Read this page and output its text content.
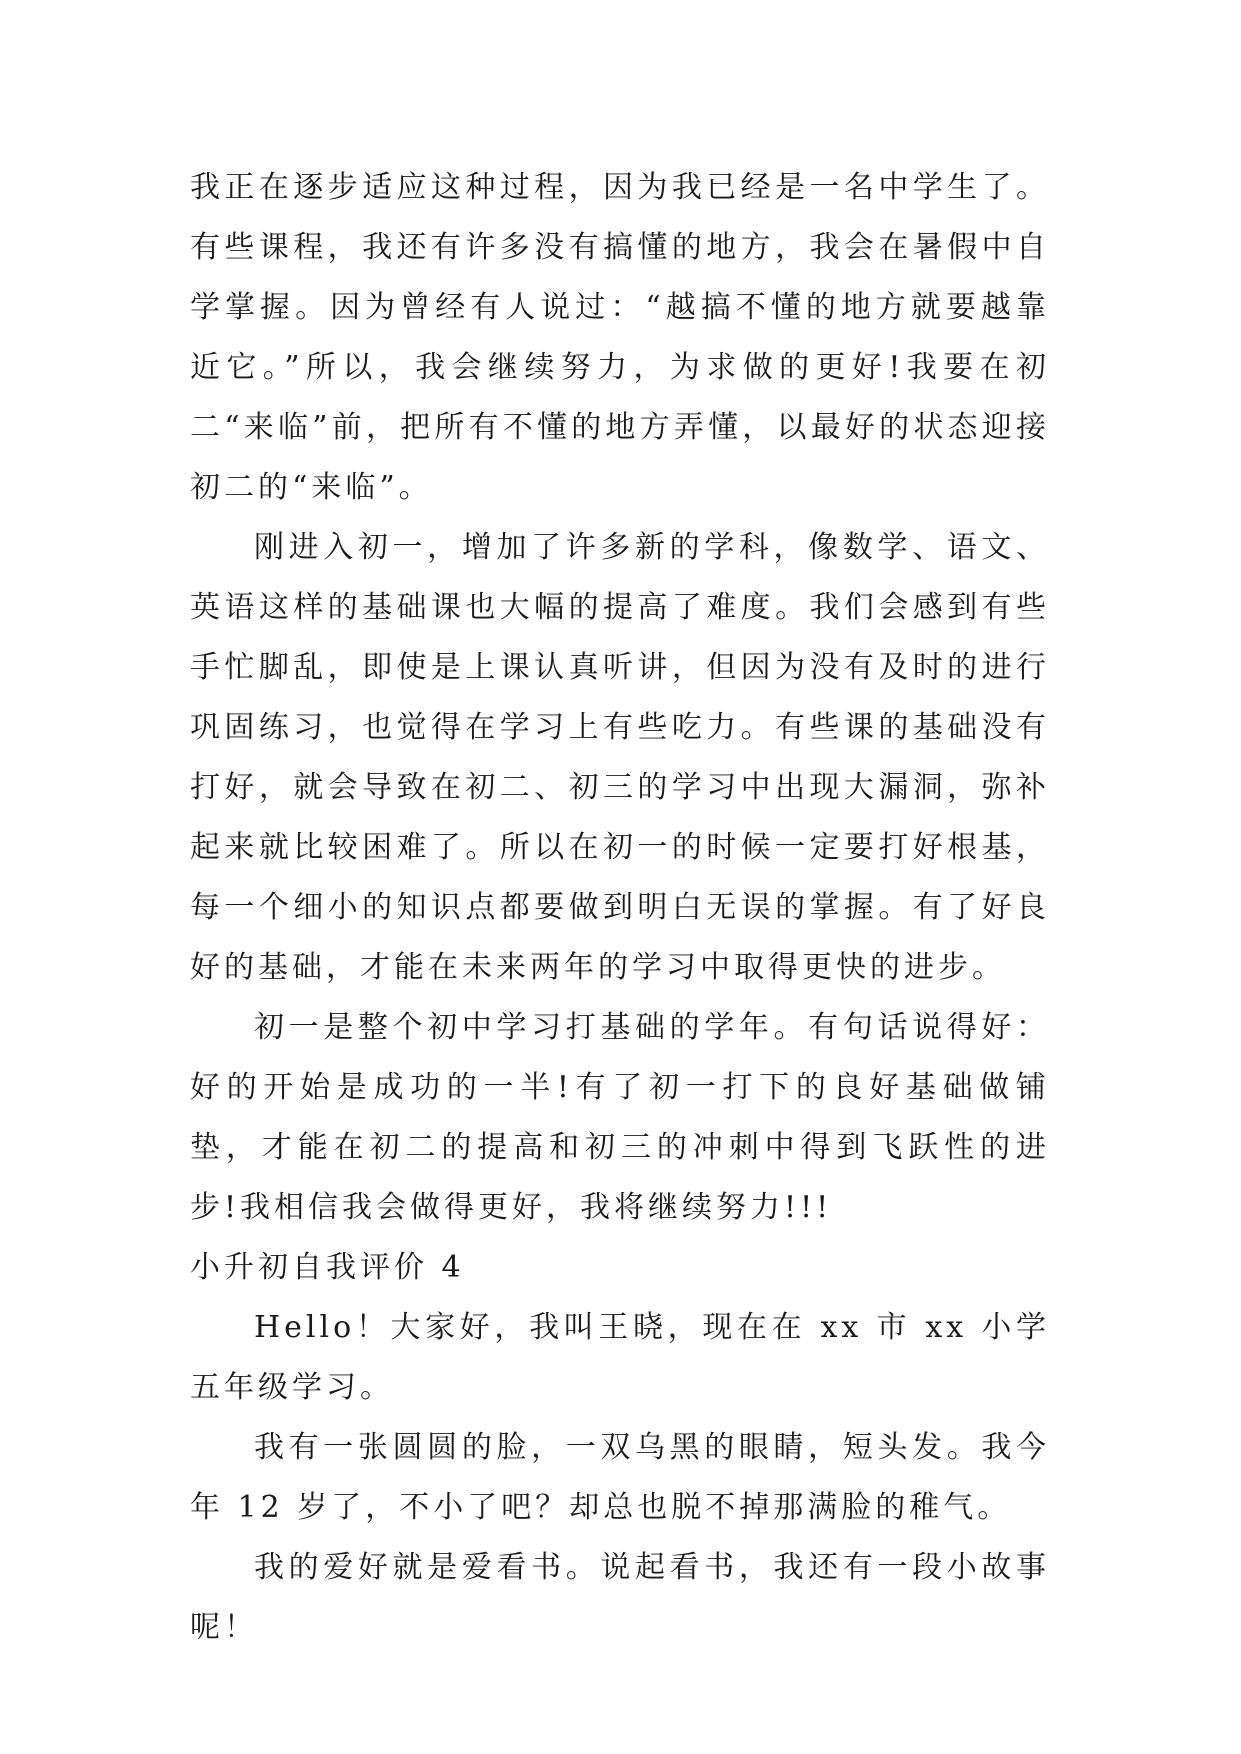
我正在逐步适应这种过程，因为我已经是一名中学生了。有些课程，我还有许多没有搞懂的地方，我会在暑假中自学掌握。因为曾经有人说过：“越搞不懂的地方就要越靠近它。”所以，我会继续努力，为求做的更好!我要在初二“来临”前，把所有不懂的地方弄懂，以最好的状态迎接初二的“来临”。

刚进入初一，增加了许多新的学科，像数学、语文、英语这样的基础课也大幅的提高了难度。我们会感到有些手忙脚乱，即使是上课认真听讲，但因为没有及时的进行巩固练习，也觉得在学习上有些吃力。有些课的基础没有打好，就会导致在初二、初三的学习中出现大漏洞，弥补起来就比较困难了。所以在初一的时候一定要打好根基，每一个细小的知识点都要做到明白无误的掌握。有了好良好的基础，才能在未来两年的学习中取得更快的进步。

初一是整个初中学习打基础的学年。有句话说得好：好的开始是成功的一半!有了初一打下的良好基础做铺垫，才能在初二的提高和初三的冲刺中得到飞跃性的进步!我相信我会做得更好，我将继续努力!!!

小升初自我评价 4

Hello！大家好，我叫王晓，现在在 xx 市 xx 小学五年级学习。

我有一张圆圆的脸，一双乌黑的眼睛，短头发。我今年 12 岁了，不小了吧？却总也脱不掉那满脸的稚气。

我的爱好就是爱看书。说起看书，我还有一段小故事呢！
